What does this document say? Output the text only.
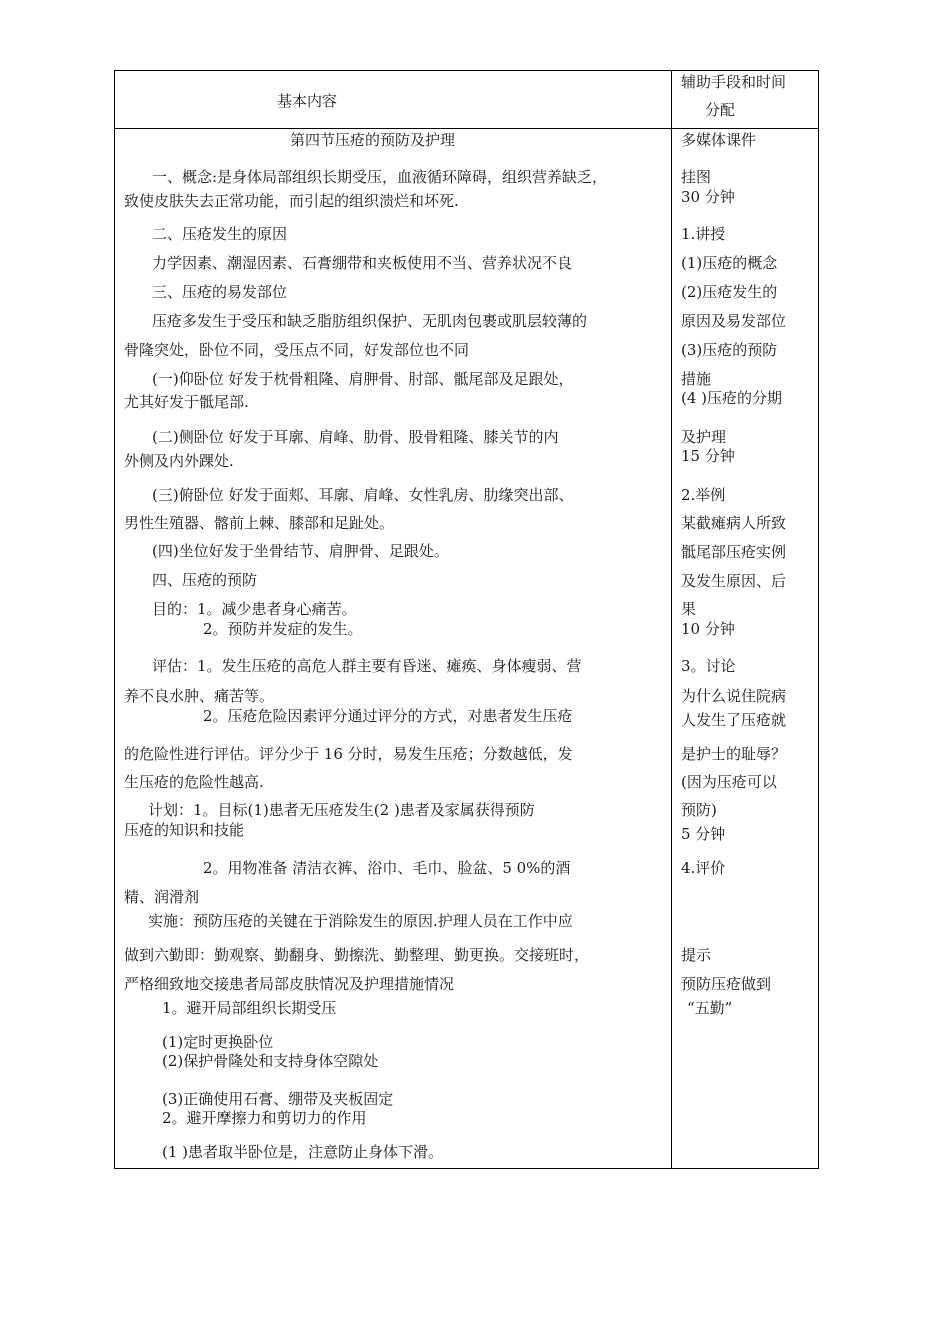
基本内容
辅助手段和时间
分配
第四节压疮的预防及护理
一、概念:是身体局部组织长期受压，血液循环障碍，组织营养缺乏，
致使皮肤失去正常功能，而引起的组织溃烂和坏死.
二、压疮发生的原因
力学因素、潮湿因素、石膏绷带和夹板使用不当、营养状况不良
三、压疮的易发部位
压疮多发生于受压和缺乏脂肪组织保护、无肌肉包裹或肌层较薄的
骨隆突处，卧位不同，受压点不同，好发部位也不同
(一)仰卧位 好发于枕骨粗隆、肩胛骨、肘部、骶尾部及足跟处，
尤其好发于骶尾部.
(二)侧卧位 好发于耳廓、肩峰、肋骨、股骨粗隆、膝关节的内
外侧及内外踝处.
(三)俯卧位 好发于面郏、耳廓、肩峰、女性乳房、肋缘突出部、
男性生殖器、髂前上棘、膝部和足趾处。
(四)坐位好发于坐骨结节、肩胛骨、足跟处。
四、压疮的预防
目的：1。减少患者身心痛苦。
2。预防并发症的发生。
评估：1。发生压疮的高危人群主要有昏迷、瘫痪、身体瘦弱、营
养不良水肿、痛苦等。
2。压疮危险因素评分通过评分的方式，对患者发生压疮
的危险性进行评估。评分少于 16 分时，易发生压疮；分数越低，发
生压疮的危险性越高.
计划：1。目标(1)患者无压疮发生(2 )患者及家属获得预防
压疮的知识和技能
2。用物准备 清洁衣裤、浴巾、毛巾、脸盆、5 0%的酒
精、润滑剂
实施：预防压疮的关键在于消除发生的原因.护理人员在工作中应
做到六勤即：勤观察、勤翻身、勤擦洗、勤整理、勤更换。交接班时，
严格细致地交接患者局部皮肤情况及护理措施情况
1。避开局部组织长期受压
(1)定时更换卧位
(2)保护骨隆处和支持身体空隙处
(3)正确使用石膏、绷带及夹板固定
2。避开摩擦力和剪切力的作用
(1 )患者取半卧位是，注意防止身体下滑。
多媒体课件
挂图
30 分钟
1.讲授
(1)压疮的概念
(2)压疮发生的
原因及易发部位
(3)压疮的预防
措施
(4 )压疮的分期
及护理
15 分钟
2.举例
某截瘫病人所致
骶尾部压疮实例
及发生原因、后
果
10 分钟
3。讨论
为什么说住院病
人发生了压疮就
是护士的耻辱？
(因为压疮可以
预防)
5 分钟
4.评价
提示
预防压疮做到
“五勤”
